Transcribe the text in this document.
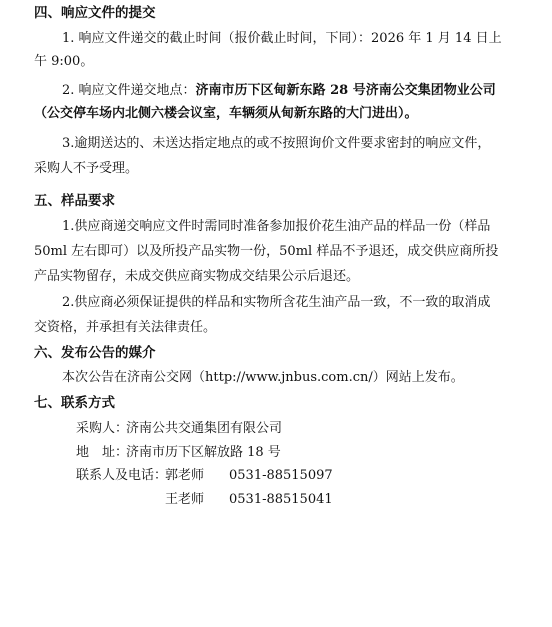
四、响应文件的提交
1. 响应文件递交的截止时间（报价截止时间，下同）：2026 年 1 月 14 日上
午 9:00。
2. 响应文件递交地点：济南市历下区甸新东路 28 号济南公交集团物业公司
（公交停车场内北侧六楼会议室，车辆须从甸新东路的大门进出）。
3.逾期送达的、未送达指定地点的或不按照询价文件要求密封的响应文件，
采购人不予受理。
五、样品要求
1.供应商递交响应文件时需同时准备参加报价花生油产品的样品一份（样品
50ml 左右即可）以及所投产品实物一份，50ml 样品不予退还，成交供应商所投
产品实物留存，未成交供应商实物成交结果公示后退还。
2.供应商必须保证提供的样品和实物所含花生油产品一致，不一致的取消成
交资格，并承担有关法律责任。
六、发布公告的媒介
本次公告在济南公交网（http://www.jnbus.com.cn/）网站上发布。
七、联系方式
采购人：
济南公共交通集团有限公司
地　址：
济南市历下区解放路 18 号
联系人及电话：
郭老师 0531-88515097
王老师 0531-88515041
